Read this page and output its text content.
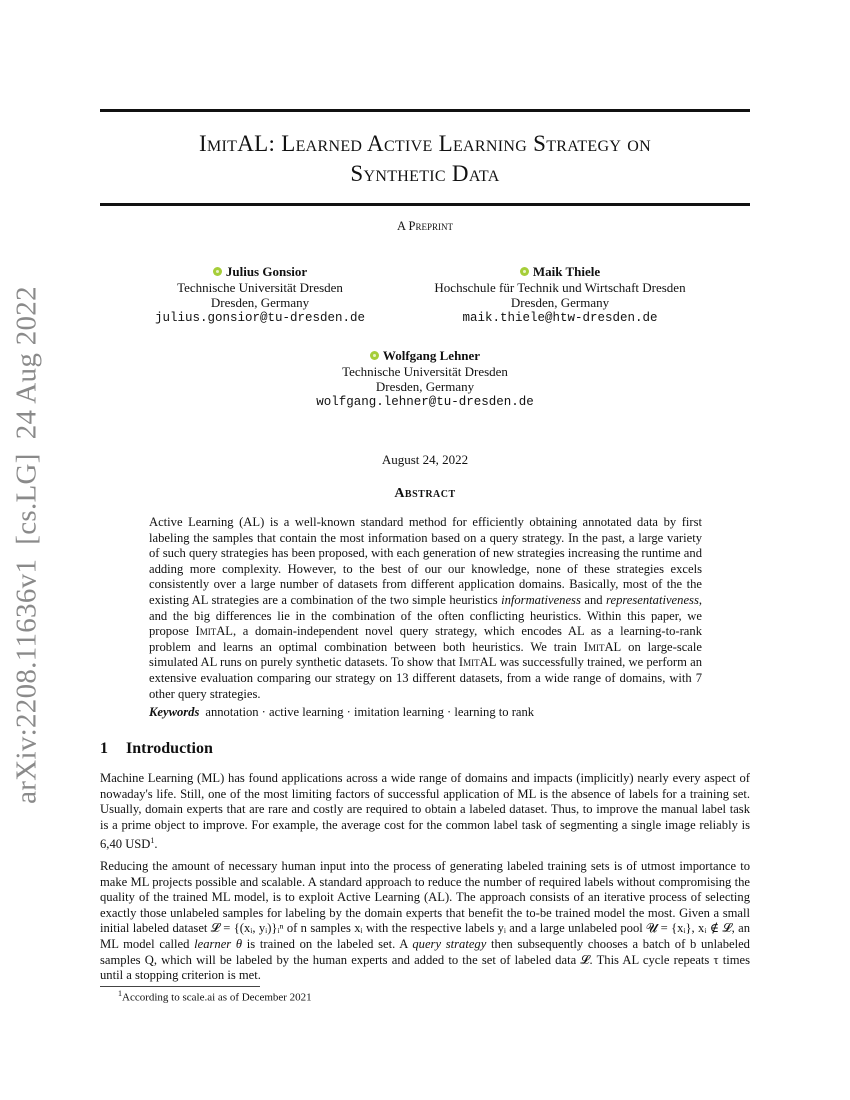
arXiv:2208.11636v1[cs.LG]24 Aug 2022
ImitAL: Learned Active Learning Strategy on
Synthetic Data
A Preprint
Julius Gonsior
Technische Universität Dresden
Dresden, Germany
julius.gonsior@tu-dresden.de
Maik Thiele
Hochschule für Technik und Wirtschaft Dresden
Dresden, Germany
maik.thiele@htw-dresden.de
Wolfgang Lehner
Technische Universität Dresden
Dresden, Germany
wolfgang.lehner@tu-dresden.de
August 24, 2022
Abstract
Active Learning (AL) is a well-known standard method for efficiently obtaining annotated data by first labeling the samples that contain the most information based on a query strategy. In the past, a large variety of such query strategies has been proposed, with each generation of new strategies increasing the runtime and adding more complexity. However, to the best of our our knowledge, none of these strategies excels consistently over a large number of datasets from different application domains. Basically, most of the the existing AL strategies are a combination of the two simple heuristics informativeness and representativeness, and the big differences lie in the combination of the often conflicting heuristics. Within this paper, we propose ImitAL, a domain-independent novel query strategy, which encodes AL as a learning-to-rank problem and learns an optimal combination between both heuristics. We train ImitAL on large-scale simulated AL runs on purely synthetic datasets. To show that ImitAL was successfully trained, we perform an extensive evaluation comparing our strategy on 13 different datasets, from a wide range of domains, with 7 other query strategies.
Keywords annotation · active learning · imitation learning · learning to rank
1 Introduction
Machine Learning (ML) has found applications across a wide range of domains and impacts (implicitly) nearly every aspect of nowaday's life. Still, one of the most limiting factors of successful application of ML is the absence of labels for a training set. Usually, domain experts that are rare and costly are required to obtain a labeled dataset. Thus, to improve the manual label task is a prime object to improve. For example, the average cost for the common label task of segmenting a single image reliably is 6,40 USD$^1$.
Reducing the amount of necessary human input into the process of generating labeled training sets is of utmost importance to make ML projects possible and scalable. A standard approach to reduce the number of required labels without compromising the quality of the trained ML model, is to exploit Active Learning (AL). The approach consists of an iterative process of selecting exactly those unlabeled samples for labeling by the domain experts that benefit the to-be trained model the most. Given a small initial labeled dataset 𝓛 = {(xᵢ, yᵢ)}ᵢⁿ of n samples xᵢ with the respective labels yᵢ and a large unlabeled pool 𝓤 = {xᵢ}, xᵢ ∉ 𝓛, an ML model called learner θ is trained on the labeled set. A query strategy then subsequently chooses a batch of b unlabeled samples Q, which will be labeled by the human experts and added to the set of labeled data 𝓛. This AL cycle repeats τ times until a stopping criterion is met.
$^1$According to scale.ai as of December 2021
